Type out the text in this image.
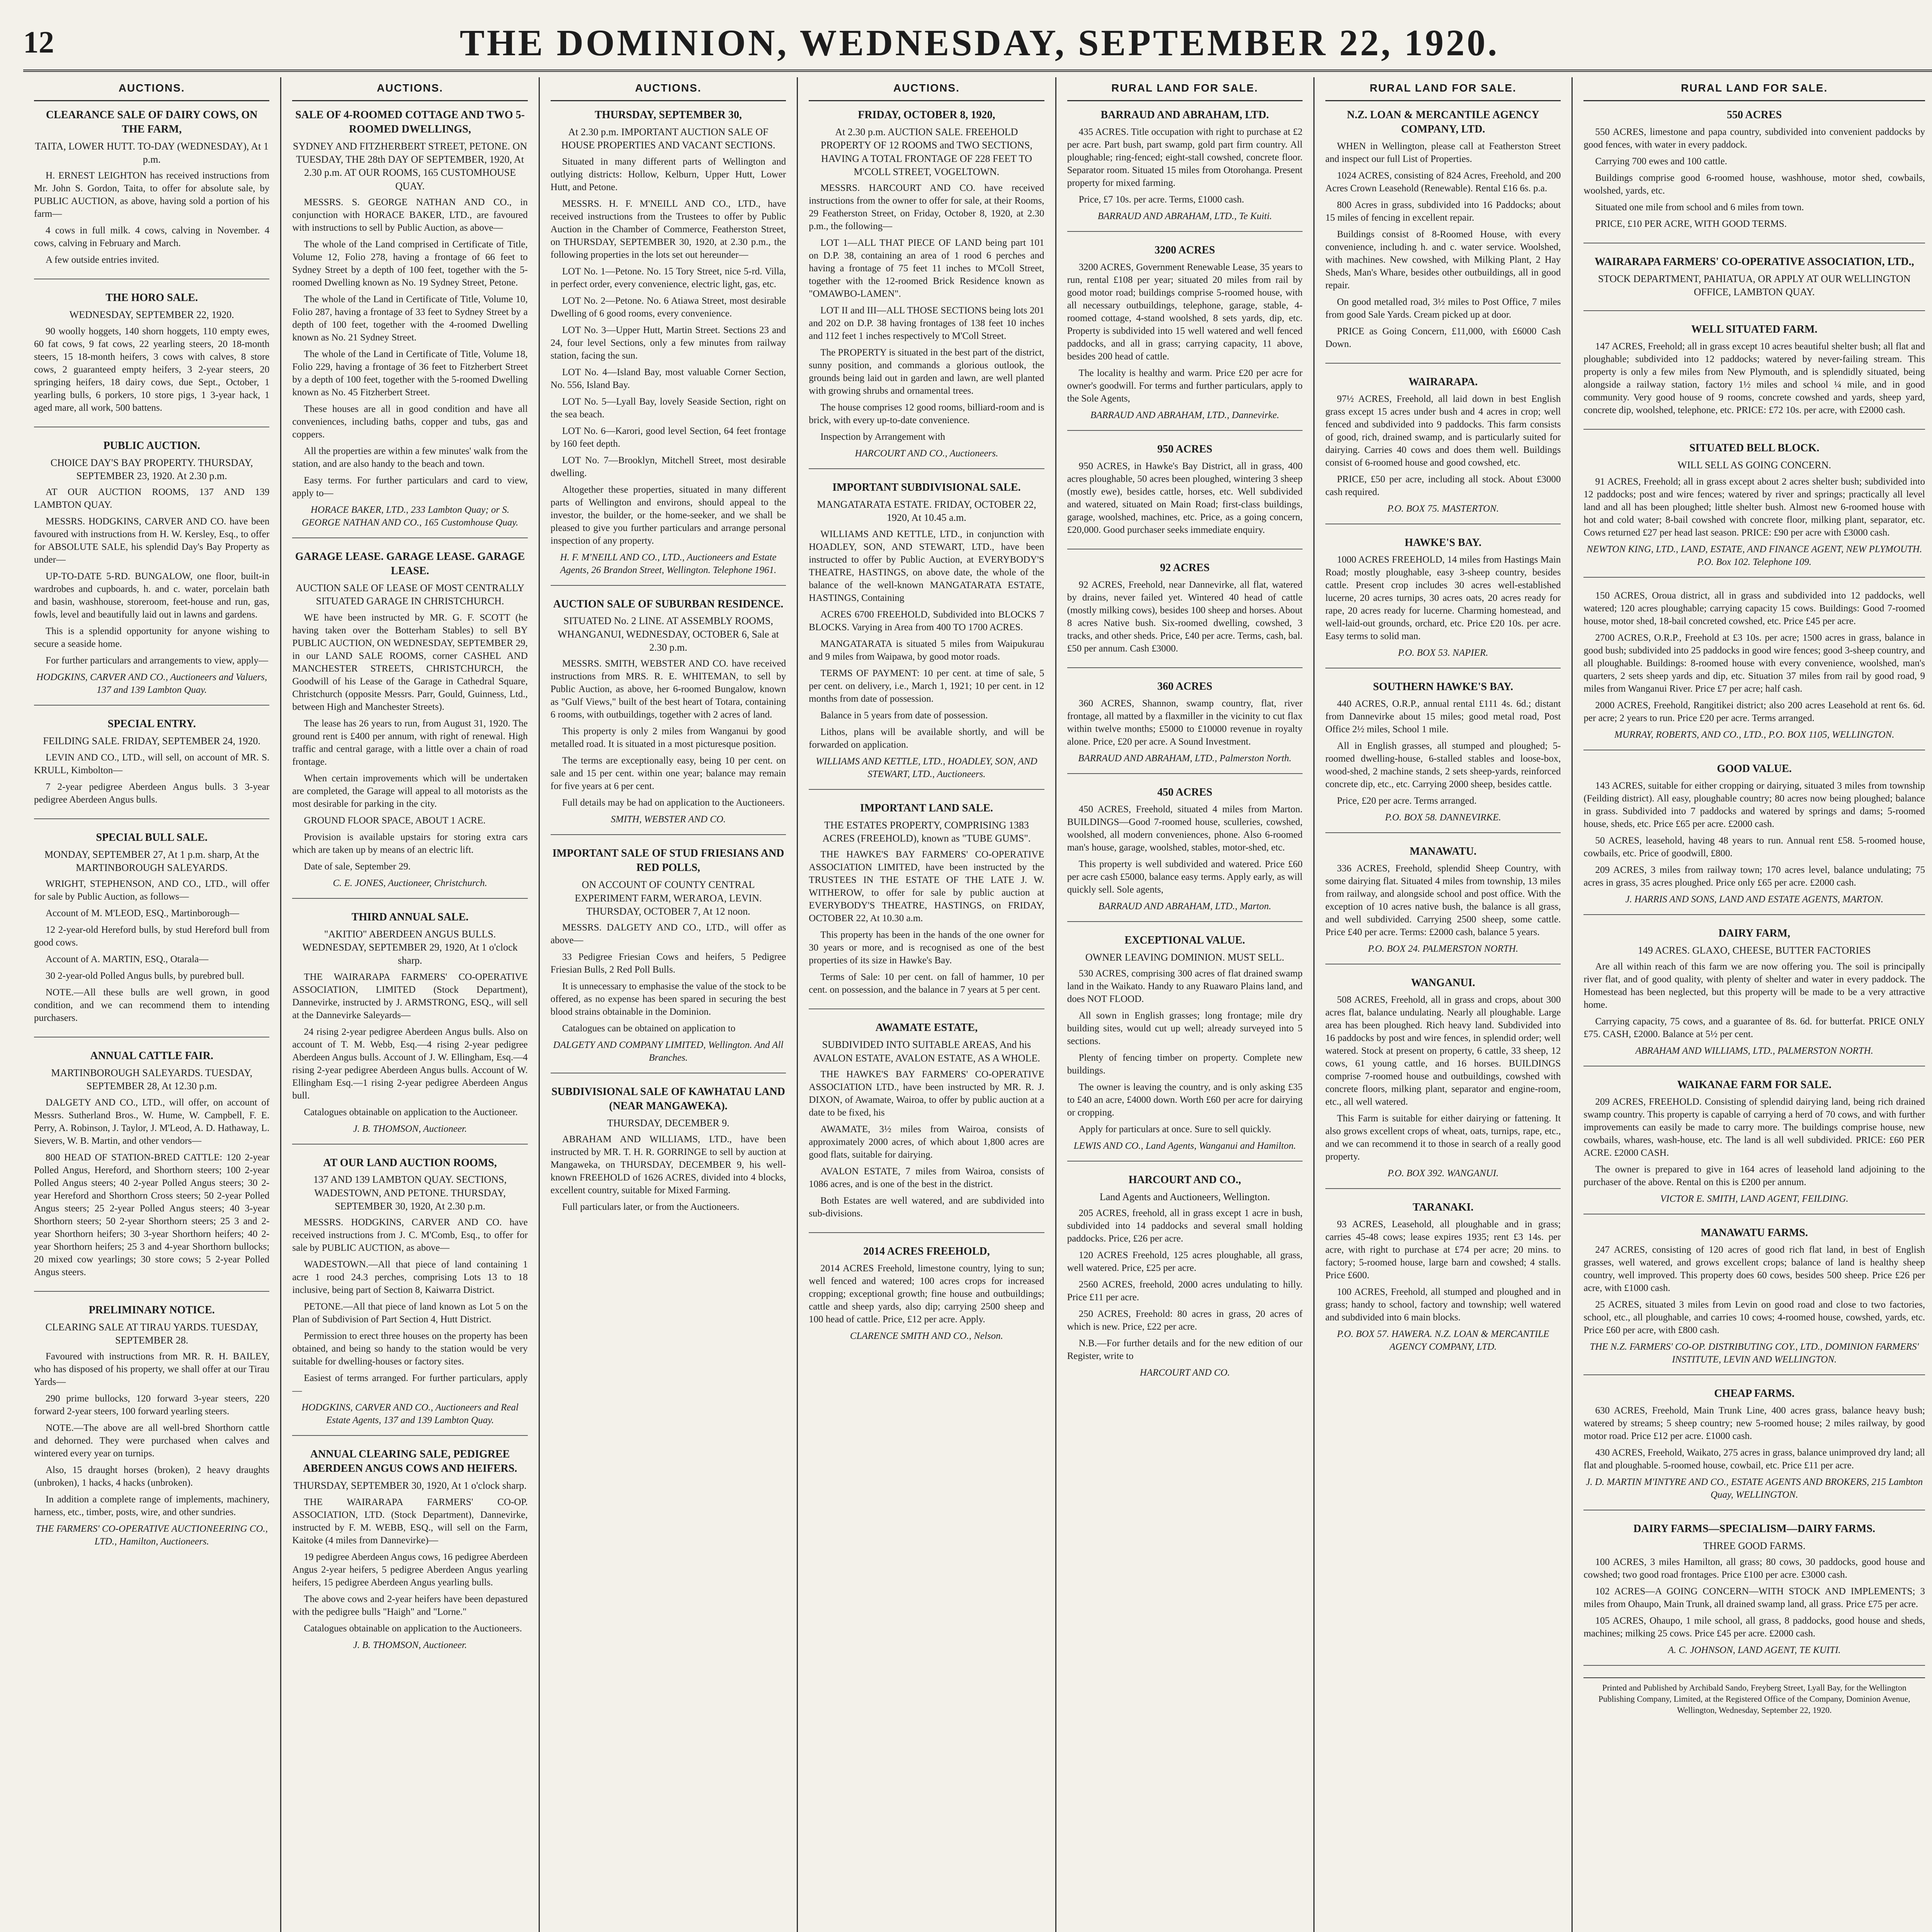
12	THE DOMINION, WEDNESDAY, SEPTEMBER 22, 1920.
AUCTIONS.
CLEARANCE SALE OF DAIRY COWS, ON THE FARM,
TAITA, LOWER HUTT. TO-DAY (WEDNESDAY), At 1 p.m.

H. ERNEST LEIGHTON has received instructions from Mr. John S. Gordon, Taita, to offer for absolute sale, by PUBLIC AUCTION, as above, having sold a portion of his farm—

4 cows in full milk. 4 cows, calving in November. 4 cows, calving in February and March.

A few outside entries invited.

THE HORO SALE.
WEDNESDAY, SEPTEMBER 22, 1920.

90 woolly hoggets, 140 shorn hoggets, 110 empty ewes, 60 fat cows, 9 fat cows, 22 yearling steers, 20 18-month steers, 15 18-month heifers, 3 cows with calves, 8 store cows, 2 guaranteed empty heifers, 3 2-year steers, 20 springing heifers, 18 dairy cows, due Sept., October, 1 yearling bulls, 6 porkers, 10 store pigs, 1 3-year hack, 1 aged mare, all work, 500 battens.

PUBLIC AUCTION.
CHOICE DAY'S BAY PROPERTY. THURSDAY, SEPTEMBER 23, 1920. At 2.30 p.m.

AT OUR AUCTION ROOMS, 137 AND 139 LAMBTON QUAY.

MESSRS. HODGKINS, CARVER AND CO. have been favoured with instructions from H. W. Kersley, Esq., to offer for ABSOLUTE SALE, his splendid Day's Bay Property as under—

UP-TO-DATE 5-RD. BUNGALOW, one floor, built-in wardrobes and cupboards, h. and c. water, porcelain bath and basin, washhouse, storeroom, feet-house and run, gas, fowls, level and beautifully laid out in lawns and gardens.

This is a splendid opportunity for anyone wishing to secure a seaside home.

For further particulars and arrangements to view, apply—

HODGKINS, CARVER AND CO., Auctioneers and Valuers, 137 and 139 Lambton Quay.
SPECIAL ENTRY.
FEILDING SALE. FRIDAY, SEPTEMBER 24, 1920.

LEVIN AND CO., LTD., will sell, on account of MR. S. KRULL, Kimbolton—

7 2-year pedigree Aberdeen Angus bulls. 3 3-year pedigree Aberdeen Angus bulls.

SPECIAL BULL SALE.
MONDAY, SEPTEMBER 27, At 1 p.m. sharp, At the MARTINBOROUGH SALEYARDS.

WRIGHT, STEPHENSON, AND CO., LTD., will offer for sale by Public Auction, as follows—

Account of M. M'LEOD, ESQ., Martinborough—

12 2-year-old Hereford bulls, by stud Hereford bull from good cows.

Account of A. MARTIN, ESQ., Otarala—

30 2-year-old Polled Angus bulls, by purebred bull.

NOTE.—All these bulls are well grown, in good condition, and we can recommend them to intending purchasers.

ANNUAL CATTLE FAIR.
MARTINBOROUGH SALEYARDS. TUESDAY, SEPTEMBER 28, At 12.30 p.m.

DALGETY AND CO., LTD., will offer, on account of Messrs. Sutherland Bros., W. Hume, W. Campbell, F. E. Perry, A. Robinson, J. Taylor, J. M'Leod, A. D. Hathaway, L. Sievers, W. B. Martin, and other vendors—

800 HEAD OF STATION-BRED CATTLE: 120 2-year Polled Angus, Hereford, and Shorthorn steers; 100 2-year Polled Angus steers; 40 2-year Polled Angus steers; 30 2-year Hereford and Shorthorn Cross steers; 50 2-year Polled Angus steers; 25 2-year Polled Angus steers; 40 3-year Shorthorn steers; 50 2-year Shorthorn steers; 25 3 and 2-year Shorthorn heifers; 30 3-year Shorthorn heifers; 40 2-year Shorthorn heifers; 25 3 and 4-year Shorthorn bullocks; 20 mixed cow yearlings; 30 store cows; 5 2-year Polled Angus steers.

PRELIMINARY NOTICE.
CLEARING SALE AT TIRAU YARDS. TUESDAY, SEPTEMBER 28.

Favoured with instructions from MR. R. H. BAILEY, who has disposed of his property, we shall offer at our Tirau Yards—

290 prime bullocks, 120 forward 3-year steers, 220 forward 2-year steers, 100 forward yearling steers.

NOTE.—The above are all well-bred Shorthorn cattle and dehorned. They were purchased when calves and wintered every year on turnips.

Also, 15 draught horses (broken), 2 heavy draughts (unbroken), 1 hacks, 4 hacks (unbroken).

In addition a complete range of implements, machinery, harness, etc., timber, posts, wire, and other sundries.

THE FARMERS' CO-OPERATIVE AUCTIONEERING CO., LTD., Hamilton, Auctioneers.
AUCTIONS.
SALE OF 4-ROOMED COTTAGE AND TWO 5-ROOMED DWELLINGS,
SYDNEY AND FITZHERBERT STREET, PETONE. ON TUESDAY, THE 28th DAY OF SEPTEMBER, 1920, At 2.30 p.m. AT OUR ROOMS, 165 CUSTOMHOUSE QUAY.

MESSRS. S. GEORGE NATHAN AND CO., in conjunction with HORACE BAKER, LTD., are favoured with instructions to sell by Public Auction, as above—

The whole of the Land comprised in Certificate of Title, Volume 12, Folio 278, having a frontage of 66 feet to Sydney Street by a depth of 100 feet, together with the 5-roomed Dwelling known as No. 19 Sydney Street, Petone.

The whole of the Land in Certificate of Title, Volume 10, Folio 287, having a frontage of 33 feet to Sydney Street by a depth of 100 feet, together with the 4-roomed Dwelling known as No. 21 Sydney Street.

The whole of the Land in Certificate of Title, Volume 18, Folio 229, having a frontage of 36 feet to Fitzherbert Street by a depth of 100 feet, together with the 5-roomed Dwelling known as No. 45 Fitzherbert Street.

These houses are all in good condition and have all conveniences, including baths, copper and tubs, gas and coppers.

All the properties are within a few minutes' walk from the station, and are also handy to the beach and town.

Easy terms. For further particulars and card to view, apply to—

HORACE BAKER, LTD., 233 Lambton Quay; or S. GEORGE NATHAN AND CO., 165 Customhouse Quay.
GARAGE LEASE. GARAGE LEASE. GARAGE LEASE.
AUCTION SALE OF LEASE OF MOST CENTRALLY SITUATED GARAGE IN CHRISTCHURCH.

WE have been instructed by MR. G. F. SCOTT (he having taken over the Botterham Stables) to sell BY PUBLIC AUCTION, ON WEDNESDAY, SEPTEMBER 29, in our LAND SALE ROOMS, corner CASHEL AND MANCHESTER STREETS, CHRISTCHURCH, the Goodwill of his Lease of the Garage in Cathedral Square, Christchurch (opposite Messrs. Parr, Gould, Guinness, Ltd., between High and Manchester Streets).

The lease has 26 years to run, from August 31, 1920. The ground rent is £400 per annum, with right of renewal. High traffic and central garage, with a little over a chain of road frontage.

When certain improvements which will be undertaken are completed, the Garage will appeal to all motorists as the most desirable for parking in the city.

GROUND FLOOR SPACE, ABOUT 1 ACRE.

Provision is available upstairs for storing extra cars which are taken up by means of an electric lift.

Date of sale, September 29.

C. E. JONES, Auctioneer, Christchurch.
THIRD ANNUAL SALE.
"AKITIO" ABERDEEN ANGUS BULLS. WEDNESDAY, SEPTEMBER 29, 1920, At 1 o'clock sharp.

THE WAIRARAPA FARMERS' CO-OPERATIVE ASSOCIATION, LIMITED (Stock Department), Dannevirke, instructed by J. ARMSTRONG, ESQ., will sell at the Dannevirke Saleyards—

24 rising 2-year pedigree Aberdeen Angus bulls. Also on account of T. M. Webb, Esq.—4 rising 2-year pedigree Aberdeen Angus bulls. Account of J. W. Ellingham, Esq.—4 rising 2-year pedigree Aberdeen Angus bulls. Account of W. Ellingham Esq.—1 rising 2-year pedigree Aberdeen Angus bull.

Catalogues obtainable on application to the Auctioneer.

J. B. THOMSON, Auctioneer.
AT OUR LAND AUCTION ROOMS,
137 AND 139 LAMBTON QUAY. SECTIONS, WADESTOWN, AND PETONE. THURSDAY, SEPTEMBER 30, 1920, At 2.30 p.m.

MESSRS. HODGKINS, CARVER AND CO. have received instructions from J. C. M'Comb, Esq., to offer for sale by PUBLIC AUCTION, as above—

WADESTOWN.—All that piece of land containing 1 acre 1 rood 24.3 perches, comprising Lots 13 to 18 inclusive, being part of Section 8, Kaiwarra District.

PETONE.—All that piece of land known as Lot 5 on the Plan of Subdivision of Part Section 4, Hutt District.

Permission to erect three houses on the property has been obtained, and being so handy to the station would be very suitable for dwelling-houses or factory sites.

Easiest of terms arranged. For further particulars, apply—

HODGKINS, CARVER AND CO., Auctioneers and Real Estate Agents, 137 and 139 Lambton Quay.
ANNUAL CLEARING SALE, PEDIGREE ABERDEEN ANGUS COWS AND HEIFERS.
THURSDAY, SEPTEMBER 30, 1920, At 1 o'clock sharp.

THE WAIRARAPA FARMERS' CO-OP. ASSOCIATION, LTD. (Stock Department), Dannevirke, instructed by F. M. WEBB, ESQ., will sell on the Farm, Kaitoke (4 miles from Dannevirke)—

19 pedigree Aberdeen Angus cows, 16 pedigree Aberdeen Angus 2-year heifers, 5 pedigree Aberdeen Angus yearling heifers, 15 pedigree Aberdeen Angus yearling bulls.

The above cows and 2-year heifers have been depastured with the pedigree bulls "Haigh" and "Lorne."

Catalogues obtainable on application to the Auctioneers.

J. B. THOMSON, Auctioneer.
AUCTIONS.
THURSDAY, SEPTEMBER 30,
At 2.30 p.m. IMPORTANT AUCTION SALE OF HOUSE PROPERTIES AND VACANT SECTIONS.

Situated in many different parts of Wellington and outlying districts: Hollow, Kelburn, Upper Hutt, Lower Hutt, and Petone.

MESSRS. H. F. M'NEILL AND CO., LTD., have received instructions from the Trustees to offer by Public Auction in the Chamber of Commerce, Featherston Street, on THURSDAY, SEPTEMBER 30, 1920, at 2.30 p.m., the following properties in the lots set out hereunder—

LOT No. 1—Petone. No. 15 Tory Street, nice 5-rd. Villa, in perfect order, every convenience, electric light, gas, etc.

LOT No. 2—Petone. No. 6 Atiawa Street, most desirable Dwelling of 6 good rooms, every convenience.

LOT No. 3—Upper Hutt, Martin Street. Sections 23 and 24, four level Sections, only a few minutes from railway station, facing the sun.

LOT No. 4—Island Bay, most valuable Corner Section, No. 556, Island Bay.

LOT No. 5—Lyall Bay, lovely Seaside Section, right on the sea beach.

LOT No. 6—Karori, good level Section, 64 feet frontage by 160 feet depth.

LOT No. 7—Brooklyn, Mitchell Street, most desirable dwelling.

Altogether these properties, situated in many different parts of Wellington and environs, should appeal to the investor, the builder, or the home-seeker, and we shall be pleased to give you further particulars and arrange personal inspection of any property.

H. F. M'NEILL AND CO., LTD., Auctioneers and Estate Agents, 26 Brandon Street, Wellington. Telephone 1961.
AUCTION SALE OF SUBURBAN RESIDENCE.
SITUATED No. 2 LINE. AT ASSEMBLY ROOMS, WHANGANUI, WEDNESDAY, OCTOBER 6, Sale at 2.30 p.m.

MESSRS. SMITH, WEBSTER AND CO. have received instructions from MRS. R. E. WHITEMAN, to sell by Public Auction, as above, her 6-roomed Bungalow, known as "Gulf Views," built of the best heart of Totara, containing 6 rooms, with outbuildings, together with 2 acres of land.

This property is only 2 miles from Wanganui by good metalled road. It is situated in a most picturesque position.

The terms are exceptionally easy, being 10 per cent. on sale and 15 per cent. within one year; balance may remain for five years at 6 per cent.

Full details may be had on application to the Auctioneers.

SMITH, WEBSTER AND CO.
IMPORTANT SALE OF STUD FRIESIANS AND RED POLLS,
ON ACCOUNT OF COUNTY CENTRAL EXPERIMENT FARM, WERAROA, LEVIN. THURSDAY, OCTOBER 7, At 12 noon.

MESSRS. DALGETY AND CO., LTD., will offer as above—

33 Pedigree Friesian Cows and heifers, 5 Pedigree Friesian Bulls, 2 Red Poll Bulls.

It is unnecessary to emphasise the value of the stock to be offered, as no expense has been spared in securing the best blood strains obtainable in the Dominion.

Catalogues can be obtained on application to

DALGETY AND COMPANY LIMITED, Wellington. And All Branches.
SUBDIVISIONAL SALE OF KAWHATAU LAND (NEAR MANGAWEKA).
THURSDAY, DECEMBER 9.

ABRAHAM AND WILLIAMS, LTD., have been instructed by MR. T. H. R. GORRINGE to sell by auction at Mangaweka, on THURSDAY, DECEMBER 9, his well-known FREEHOLD of 1626 ACRES, divided into 4 blocks, excellent country, suitable for Mixed Farming.

Full particulars later, or from the Auctioneers.

AUCTIONS.
FRIDAY, OCTOBER 8, 1920,
At 2.30 p.m. AUCTION SALE. FREEHOLD PROPERTY OF 12 ROOMS and TWO SECTIONS, HAVING A TOTAL FRONTAGE OF 228 FEET TO M'COLL STREET, VOGELTOWN.

MESSRS. HARCOURT AND CO. have received instructions from the owner to offer for sale, at their Rooms, 29 Featherston Street, on Friday, October 8, 1920, at 2.30 p.m., the following—

LOT 1—ALL THAT PIECE OF LAND being part 101 on D.P. 38, containing an area of 1 rood 6 perches and having a frontage of 75 feet 11 inches to M'Coll Street, together with the 12-roomed Brick Residence known as "OMAWBO-LAMEN".

LOT II and III—ALL THOSE SECTIONS being lots 201 and 202 on D.P. 38 having frontages of 138 feet 10 inches and 112 feet 1 inches respectively to M'Coll Street.

The PROPERTY is situated in the best part of the district, sunny position, and commands a glorious outlook, the grounds being laid out in garden and lawn, are well planted with growing shrubs and ornamental trees.

The house comprises 12 good rooms, billiard-room and is brick, with every up-to-date convenience.

Inspection by Arrangement with

HARCOURT AND CO., Auctioneers.
IMPORTANT SUBDIVISIONAL SALE.
MANGATARATA ESTATE. FRIDAY, OCTOBER 22, 1920, At 10.45 a.m.

WILLIAMS AND KETTLE, LTD., in conjunction with HOADLEY, SON, AND STEWART, LTD., have been instructed to offer by Public Auction, at EVERYBODY'S THEATRE, HASTINGS, on above date, the whole of the balance of the well-known MANGATARATA ESTATE, HASTINGS, Containing

ACRES 6700 FREEHOLD, Subdivided into BLOCKS 7 BLOCKS. Varying in Area from 400 TO 1700 ACRES.

MANGATARATA is situated 5 miles from Waipukurau and 9 miles from Waipawa, by good motor roads.

TERMS OF PAYMENT: 10 per cent. at time of sale, 5 per cent. on delivery, i.e., March 1, 1921; 10 per cent. in 12 months from date of possession.

Balance in 5 years from date of possession.

Lithos, plans will be available shortly, and will be forwarded on application.

WILLIAMS AND KETTLE, LTD., HOADLEY, SON, AND STEWART, LTD., Auctioneers.
IMPORTANT LAND SALE.
THE ESTATES PROPERTY, COMPRISING 1383 ACRES (FREEHOLD), known as "TUBE GUMS".

THE HAWKE'S BAY FARMERS' CO-OPERATIVE ASSOCIATION LIMITED, have been instructed by the TRUSTEES IN THE ESTATE OF THE LATE J. W. WITHEROW, to offer for sale by public auction at EVERYBODY'S THEATRE, HASTINGS, on FRIDAY, OCTOBER 22, At 10.30 a.m.

This property has been in the hands of the one owner for 30 years or more, and is recognised as one of the best properties of its size in Hawke's Bay.

Terms of Sale: 10 per cent. on fall of hammer, 10 per cent. on possession, and the balance in 7 years at 5 per cent.

AWAMATE ESTATE,
SUBDIVIDED INTO SUITABLE AREAS, And his AVALON ESTATE, AVALON ESTATE, AS A WHOLE.

THE HAWKE'S BAY FARMERS' CO-OPERATIVE ASSOCIATION LTD., have been instructed by MR. R. J. DIXON, of Awamate, Wairoa, to offer by public auction at a date to be fixed, his

AWAMATE, 3½ miles from Wairoa, consists of approximately 2000 acres, of which about 1,800 acres are good flats, suitable for dairying.

AVALON ESTATE, 7 miles from Wairoa, consists of 1086 acres, and is one of the best in the district.

Both Estates are well watered, and are subdivided into sub-divisions.

2014 ACRES FREEHOLD,

2014 ACRES Freehold, limestone country, lying to sun; well fenced and watered; 100 acres crops for increased cropping; exceptional growth; fine house and outbuildings; cattle and sheep yards, also dip; carrying 2500 sheep and 100 head of cattle. Price, £12 per acre. Apply.

CLARENCE SMITH AND CO., Nelson.
RURAL LAND FOR SALE.
BARRAUD AND ABRAHAM, LTD.

435 ACRES. Title occupation with right to purchase at £2 per acre. Part bush, part swamp, gold part firm country. All ploughable; ring-fenced; eight-stall cowshed, concrete floor. Separator room. Situated 15 miles from Otorohanga. Present property for mixed farming.

Price, £7 10s. per acre. Terms, £1000 cash.

BARRAUD AND ABRAHAM, LTD., Te Kuiti.
3200 ACRES

3200 ACRES, Government Renewable Lease, 35 years to run, rental £108 per year; situated 20 miles from rail by good motor road; buildings comprise 5-roomed house, with all necessary outbuildings, telephone, garage, stable, 4-roomed cottage, 4-stand woolshed, 8 sets yards, dip, etc. Property is subdivided into 15 well watered and well fenced paddocks, and all in grass; carrying capacity, 11 above, besides 200 head of cattle.

The locality is healthy and warm. Price £20 per acre for owner's goodwill. For terms and further particulars, apply to the Sole Agents,

BARRAUD AND ABRAHAM, LTD., Dannevirke.
950 ACRES

950 ACRES, in Hawke's Bay District, all in grass, 400 acres ploughable, 50 acres been ploughed, wintering 3 sheep (mostly ewe), besides cattle, horses, etc. Well subdivided and watered, situated on Main Road; first-class buildings, garage, woolshed, machines, etc. Price, as a going concern, £20,000. Good purchaser seeks immediate enquiry.

92 ACRES

92 ACRES, Freehold, near Dannevirke, all flat, watered by drains, never failed yet. Wintered 40 head of cattle (mostly milking cows), besides 100 sheep and horses. About 8 acres Native bush. Six-roomed dwelling, cowshed, 3 tracks, and other sheds. Price, £40 per acre. Terms, cash, bal. £50 per annum. Cash £3000.

360 ACRES

360 ACRES, Shannon, swamp country, flat, river frontage, all matted by a flaxmiller in the vicinity to cut flax within twelve months; £5000 to £10000 revenue in royalty alone. Price, £20 per acre. A Sound Investment.

BARRAUD AND ABRAHAM, LTD., Palmerston North.
450 ACRES

450 ACRES, Freehold, situated 4 miles from Marton. BUILDINGS—Good 7-roomed house, sculleries, cowshed, woolshed, all modern conveniences, phone. Also 6-roomed man's house, garage, woolshed, stables, motor-shed, etc.

This property is well subdivided and watered. Price £60 per acre cash £5000, balance easy terms. Apply early, as will quickly sell. Sole agents,

BARRAUD AND ABRAHAM, LTD., Marton.
EXCEPTIONAL VALUE.
OWNER LEAVING DOMINION. MUST SELL.

530 ACRES, comprising 300 acres of flat drained swamp land in the Waikato. Handy to any Ruawaro Plains land, and does NOT FLOOD.

All sown in English grasses; long frontage; mile dry building sites, would cut up well; already surveyed into 5 sections.

Plenty of fencing timber on property. Complete new buildings.

The owner is leaving the country, and is only asking £35 to £40 an acre, £4000 down. Worth £60 per acre for dairying or cropping.

Apply for particulars at once. Sure to sell quickly.

LEWIS AND CO., Land Agents, Wanganui and Hamilton.
HARCOURT AND CO.,
Land Agents and Auctioneers, Wellington.

205 ACRES, freehold, all in grass except 1 acre in bush, subdivided into 14 paddocks and several small holding paddocks. Price, £26 per acre.

120 ACRES Freehold, 125 acres ploughable, all grass, well watered. Price, £25 per acre.

2560 ACRES, freehold, 2000 acres undulating to hilly. Price £11 per acre.

250 ACRES, Freehold: 80 acres in grass, 20 acres of which is new. Price, £22 per acre.

N.B.—For further details and for the new edition of our Register, write to

HARCOURT AND CO.
RURAL LAND FOR SALE.
N.Z. LOAN & MERCANTILE AGENCY COMPANY, LTD.

WHEN in Wellington, please call at Featherston Street and inspect our full List of Properties.

1024 ACRES, consisting of 824 Acres, Freehold, and 200 Acres Crown Leasehold (Renewable). Rental £16 6s. p.a.

800 Acres in grass, subdivided into 16 Paddocks; about 15 miles of fencing in excellent repair.

Buildings consist of 8-Roomed House, with every convenience, including h. and c. water service. Woolshed, with machines. New cowshed, with Milking Plant, 2 Hay Sheds, Man's Whare, besides other outbuildings, all in good repair.

On good metalled road, 3½ miles to Post Office, 7 miles from good Sale Yards. Cream picked up at door.

PRICE as Going Concern, £11,000, with £6000 Cash Down.

WAIRARAPA.

97½ ACRES, Freehold, all laid down in best English grass except 15 acres under bush and 4 acres in crop; well fenced and subdivided into 9 paddocks. This farm consists of good, rich, drained swamp, and is particularly suited for dairying. Carries 40 cows and does them well. Buildings consist of 6-roomed house and good cowshed, etc.

PRICE, £50 per acre, including all stock. About £3000 cash required.

P.O. BOX 75. MASTERTON.
HAWKE'S BAY.

1000 ACRES FREEHOLD, 14 miles from Hastings Main Road; mostly ploughable, easy 3-sheep country, besides cattle. Present crop includes 30 acres well-established lucerne, 20 acres turnips, 30 acres oats, 20 acres ready for rape, 20 acres ready for lucerne. Charming homestead, and well-laid-out grounds, orchard, etc. Price £20 10s. per acre. Easy terms to solid man.

P.O. BOX 53. NAPIER.
SOUTHERN HAWKE'S BAY.

440 ACRES, O.R.P., annual rental £111 4s. 6d.; distant from Dannevirke about 15 miles; good metal road, Post Office 2½ miles, School 1 mile.

All in English grasses, all stumped and ploughed; 5-roomed dwelling-house, 6-stalled stables and loose-box, wood-shed, 2 machine stands, 2 sets sheep-yards, reinforced concrete dip, etc., etc. Carrying 2000 sheep, besides cattle.

Price, £20 per acre. Terms arranged.

P.O. BOX 58. DANNEVIRKE.
MANAWATU.

336 ACRES, Freehold, splendid Sheep Country, with some dairying flat. Situated 4 miles from township, 13 miles from railway, and alongside school and post office. With the exception of 10 acres native bush, the balance is all grass, and well subdivided. Carrying 2500 sheep, some cattle. Price £40 per acre. Terms: £2000 cash, balance 5 years.

P.O. BOX 24. PALMERSTON NORTH.
WANGANUI.

508 ACRES, Freehold, all in grass and crops, about 300 acres flat, balance undulating. Nearly all ploughable. Large area has been ploughed. Rich heavy land. Subdivided into 16 paddocks by post and wire fences, in splendid order; well watered. Stock at present on property, 6 cattle, 33 sheep, 12 cows, 61 young cattle, and 16 horses. BUILDINGS comprise 7-roomed house and outbuildings, cowshed with concrete floors, milking plant, separator and engine-room, etc., all well watered.

This Farm is suitable for either dairying or fattening. It also grows excellent crops of wheat, oats, turnips, rape, etc., and we can recommend it to those in search of a really good property.

P.O. BOX 392. WANGANUI.
TARANAKI.

93 ACRES, Leasehold, all ploughable and in grass; carries 45-48 cows; lease expires 1935; rent £3 14s. per acre, with right to purchase at £74 per acre; 20 mins. to factory; 5-roomed house, large barn and cowshed; 4 stalls. Price £600.

100 ACRES, Freehold, all stumped and ploughed and in grass; handy to school, factory and township; well watered and subdivided into 6 main blocks.

P.O. BOX 57. HAWERA. N.Z. LOAN & MERCANTILE AGENCY COMPANY, LTD.
RURAL LAND FOR SALE.
550 ACRES

550 ACRES, limestone and papa country, subdivided into convenient paddocks by good fences, with water in every paddock.

Carrying 700 ewes and 100 cattle.

Buildings comprise good 6-roomed house, washhouse, motor shed, cowbails, woolshed, yards, etc.

Situated one mile from school and 6 miles from town.

PRICE, £10 PER ACRE, WITH GOOD TERMS.

WAIRARAPA FARMERS' CO-OPERATIVE ASSOCIATION, LTD.,
STOCK DEPARTMENT, PAHIATUA, OR APPLY AT OUR WELLINGTON OFFICE, LAMBTON QUAY.
WELL SITUATED FARM.

147 ACRES, Freehold; all in grass except 10 acres beautiful shelter bush; all flat and ploughable; subdivided into 12 paddocks; watered by never-failing stream. This property is only a few miles from New Plymouth, and is splendidly situated, being alongside a railway station, factory 1½ miles and school ¼ mile, and in good community. Very good house of 9 rooms, concrete cowshed and yards, sheep yard, concrete dip, woolshed, telephone, etc. PRICE: £72 10s. per acre, with £2000 cash.

SITUATED BELL BLOCK.
WILL SELL AS GOING CONCERN.

91 ACRES, Freehold; all in grass except about 2 acres shelter bush; subdivided into 12 paddocks; post and wire fences; watered by river and springs; practically all level land and all has been ploughed; little shelter bush. Almost new 6-roomed house with hot and cold water; 8-bail cowshed with concrete floor, milking plant, separator, etc. Cows returned £27 per head last season. PRICE: £90 per acre with £3000 cash.

NEWTON KING, LTD., LAND, ESTATE, AND FINANCE AGENT, NEW PLYMOUTH. P.O. Box 102. Telephone 109.

150 ACRES, Oroua district, all in grass and subdivided into 12 paddocks, well watered; 120 acres ploughable; carrying capacity 15 cows. Buildings: Good 7-roomed house, motor shed, 18-bail concreted cowshed, etc. Price £45 per acre.

2700 ACRES, O.R.P., Freehold at £3 10s. per acre; 1500 acres in grass, balance in good bush; subdivided into 25 paddocks in good wire fences; good 3-sheep country, and all ploughable. Buildings: 8-roomed house with every convenience, woolshed, man's quarters, 2 sets sheep yards and dip, etc. Situation 37 miles from rail by good road, 9 miles from Wanganui River. Price £7 per acre; half cash.

2000 ACRES, Freehold, Rangitikei district; also 200 acres Leasehold at rent 6s. 6d. per acre; 2 years to run. Price £20 per acre. Terms arranged.

MURRAY, ROBERTS, AND CO., LTD., P.O. BOX 1105, WELLINGTON.
GOOD VALUE.

143 ACRES, suitable for either cropping or dairying, situated 3 miles from township (Feilding district). All easy, ploughable country; 80 acres now being ploughed; balance in grass. Subdivided into 7 paddocks and watered by springs and dams; 5-roomed house, sheds, etc. Price £65 per acre. £2000 cash.

50 ACRES, leasehold, having 48 years to run. Annual rent £58. 5-roomed house, cowbails, etc. Price of goodwill, £800.

209 ACRES, 3 miles from railway town; 170 acres level, balance undulating; 75 acres in grass, 35 acres ploughed. Price only £65 per acre. £2000 cash.

J. HARRIS AND SONS, LAND AND ESTATE AGENTS, MARTON.
DAIRY FARM,
149 ACRES. GLAXO, CHEESE, BUTTER FACTORIES

Are all within reach of this farm we are now offering you. The soil is principally river flat, and of good quality, with plenty of shelter and water in every paddock. The Homestead has been neglected, but this property will be made to be a very attractive home.

Carrying capacity, 75 cows, and a guarantee of 8s. 6d. for butterfat. PRICE ONLY £75. CASH, £2000. Balance at 5½ per cent.

ABRAHAM AND WILLIAMS, LTD., PALMERSTON NORTH.
WAIKANAE FARM FOR SALE.

209 ACRES, FREEHOLD. Consisting of splendid dairying land, being rich drained swamp country. This property is capable of carrying a herd of 70 cows, and with further improvements can easily be made to carry more. The buildings comprise house, new cowbails, whares, wash-house, etc. The land is all well subdivided. PRICE: £60 PER ACRE. £2000 CASH.

The owner is prepared to give in 164 acres of leasehold land adjoining to the purchaser of the above. Rental on this is £200 per annum.

VICTOR E. SMITH, LAND AGENT, FEILDING.
MANAWATU FARMS.

247 ACRES, consisting of 120 acres of good rich flat land, in best of English grasses, well watered, and grows excellent crops; balance of land is healthy sheep country, well improved. This property does 60 cows, besides 500 sheep. Price £26 per acre, with £1000 cash.

25 ACRES, situated 3 miles from Levin on good road and close to two factories, school, etc., all ploughable, and carries 10 cows; 4-roomed house, cowshed, yards, etc. Price £60 per acre, with £800 cash.

THE N.Z. FARMERS' CO-OP. DISTRIBUTING COY., LTD., DOMINION FARMERS' INSTITUTE, LEVIN AND WELLINGTON.
CHEAP FARMS.

630 ACRES, Freehold, Main Trunk Line, 400 acres grass, balance heavy bush; watered by streams; 5 sheep country; new 5-roomed house; 2 miles railway, by good motor road. Price £12 per acre. £1000 cash.

430 ACRES, Freehold, Waikato, 275 acres in grass, balance unimproved dry land; all flat and ploughable. 5-roomed house, cowbail, etc. Price £11 per acre.

J. D. MARTIN M'INTYRE AND CO., ESTATE AGENTS AND BROKERS, 215 Lambton Quay, WELLINGTON.
DAIRY FARMS—SPECIALISM—DAIRY FARMS.
THREE GOOD FARMS.

100 ACRES, 3 miles Hamilton, all grass; 80 cows, 30 paddocks, good house and cowshed; two good road frontages. Price £100 per acre. £3000 cash.

102 ACRES—A GOING CONCERN—WITH STOCK AND IMPLEMENTS; 3 miles from Ohaupo, Main Trunk, all drained swamp land, all grass. Price £75 per acre.

105 ACRES, Ohaupo, 1 mile school, all grass, 8 paddocks, good house and sheds, machines; milking 25 cows. Price £45 per acre. £2000 cash.

A. C. JOHNSON, LAND AGENT, TE KUITI.
Printed and Published by Archibald Sando, Freyberg Street, Lyall Bay, for the Wellington Publishing Company, Limited, at the Registered Office of the Company, Dominion Avenue, Wellington, Wednesday, September 22, 1920.
